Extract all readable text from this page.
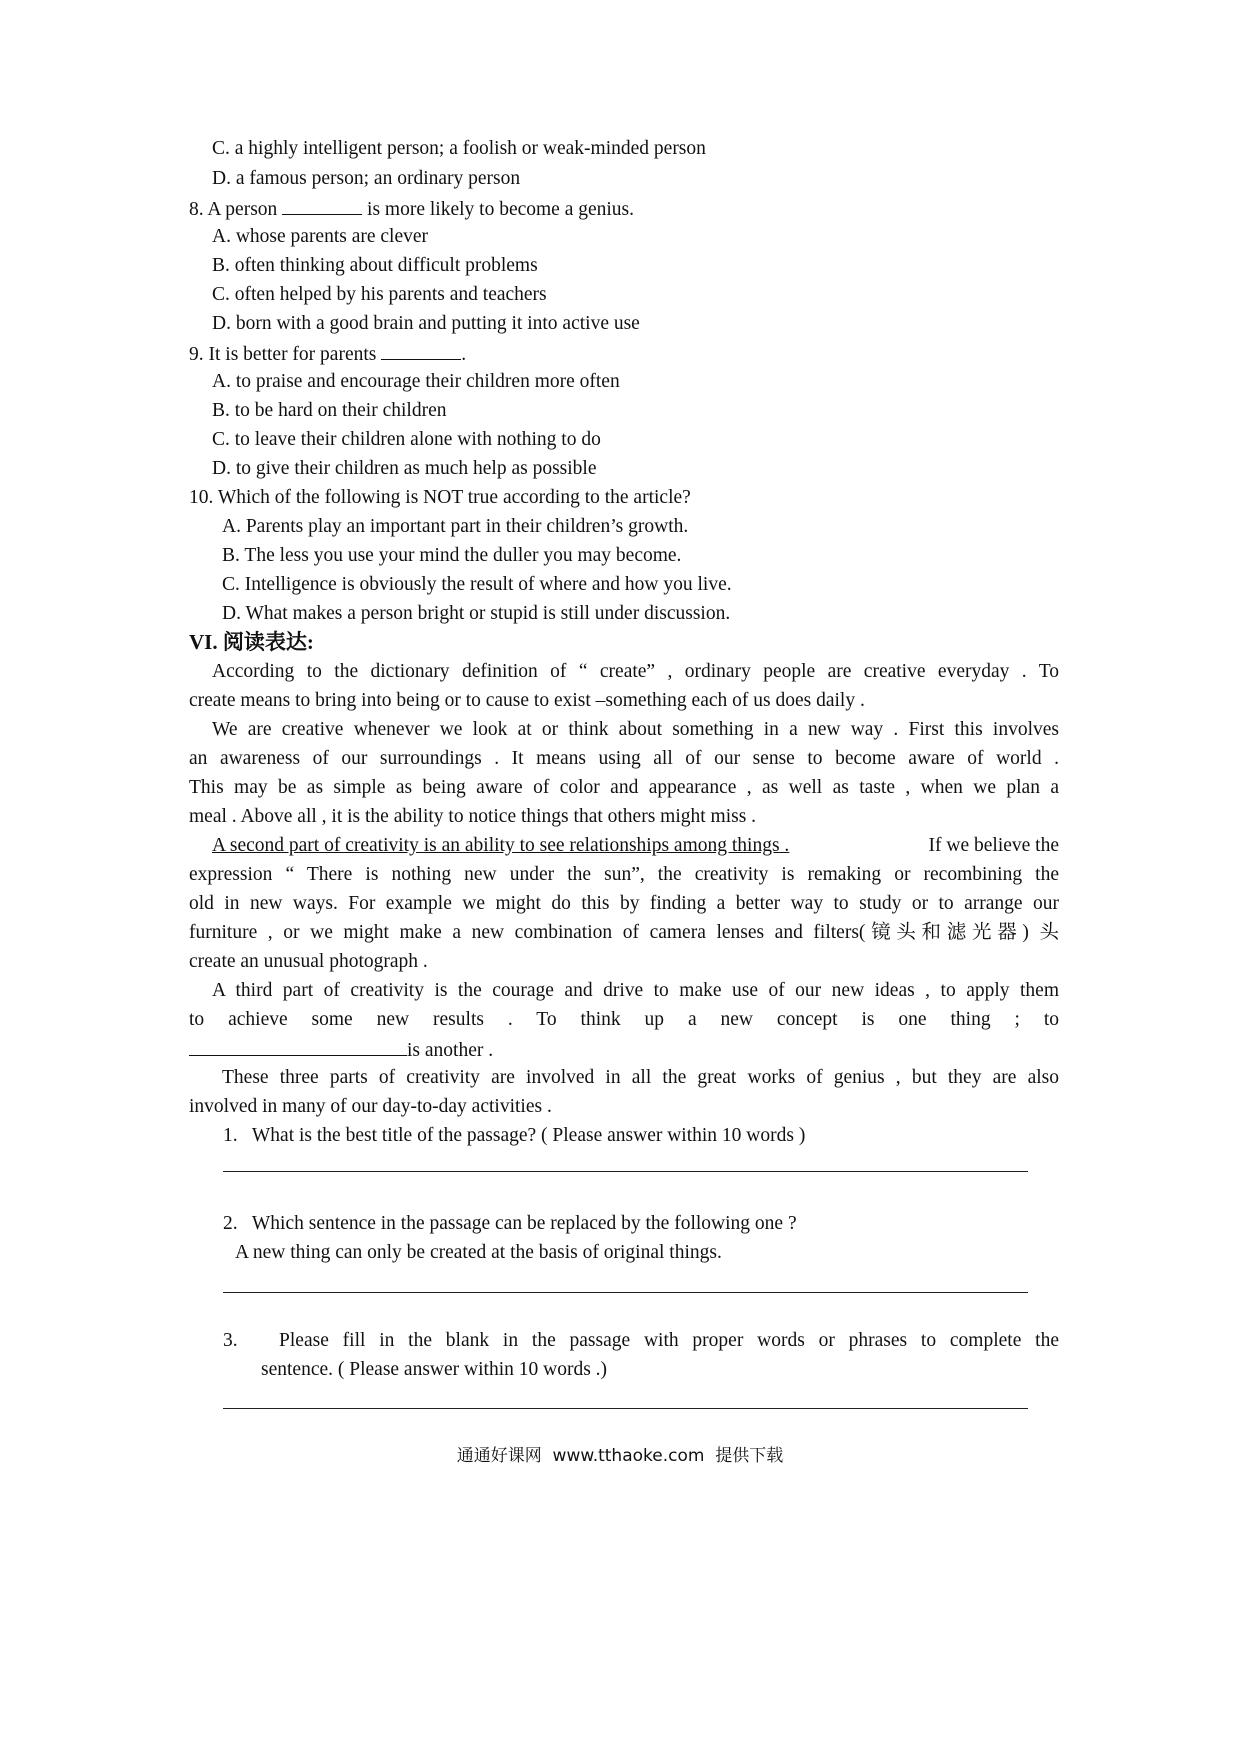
C. a highly intelligent person; a foolish or weak-minded person
D. a famous person; an ordinary person
8. A person	is more likely to become a genius.
A. whose parents are clever
B. often thinking about difficult problems
C. often helped by his parents and teachers
D. born with a good brain and putting it into active use
9. It is better for parents	.
A. to praise and encourage their children more often
B. to be hard on their children
C. to leave their children alone with nothing to do
D. to give their children as much help as possible
10. Which of the following is NOT true according to the article?
A. Parents play an important part in their children’s growth.
B. The less you use your mind the duller you may become.
C. Intelligence is obviously the result of where and how you live.
D. What makes a person bright or stupid is still under discussion.
VI. 阅读表达:
According to the dictionary definition of “ create” , ordinary people are creative everyday . To
create means to bring into being or to cause to exist –something each of us does daily .
We are creative whenever we look at or think about something in a new way . First this involves
an awareness of our surroundings . It means using all of our sense to become aware of world .
This may be as simple as being aware of color and appearance , as well as taste , when we plan a
meal . Above all , it is the ability to notice things that others might miss .
A second part of creativity is an ability to see relationships among things .	If we believe the
expression “ There is nothing new under the sun”, the creativity is remaking or recombining the
old in new ways. For example we might do this by finding a better way to study or to arrange our
furniture , or we might make a new combination of camera lenses and filters(镜头和滤光器) 头
create an unusual photograph .
A third part of creativity is the courage and drive to make use of our new ideas , to apply them
to achieve some new results . To think up a new concept is one thing ; to
is another .
These three parts of creativity are involved in all the great works of genius , but they are also
involved in many of our day-to-day activities .
1.   What is the best title of the passage? ( Please answer within 10 words )
2.   Which sentence in the passage can be replaced by the following one ?
A new thing can only be created at the basis of original things.
3.   Please fill in the blank in the passage with proper words or phrases to complete the
sentence. ( Please answer within 10 words .)
通通好课网  www.tthaoke.com  提供下载
